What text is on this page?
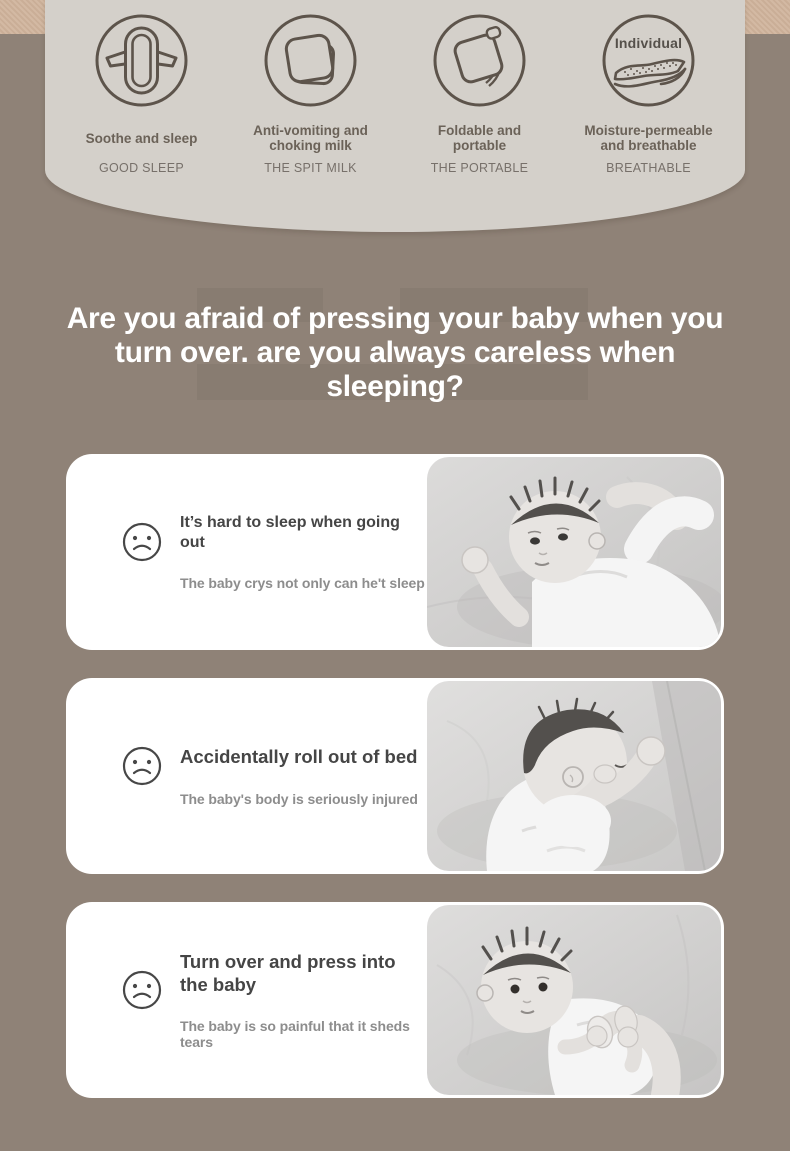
Soothe and sleep
GOOD SLEEP
Anti-vomiting and choking milk
THE SPIT MILK
Foldable and portable
THE PORTABLE
Individual
Moisture-permeable and breathable
BREATHABLE
Are you afraid of pressing your baby when you
turn over. are you always careless when
sleeping?
It’s hard to sleep when going out
The baby crys not only can he't sleep
Accidentally roll out of bed
The baby's body is seriously injured
Turn over and press into the baby
The baby is so painful that it sheds tears
